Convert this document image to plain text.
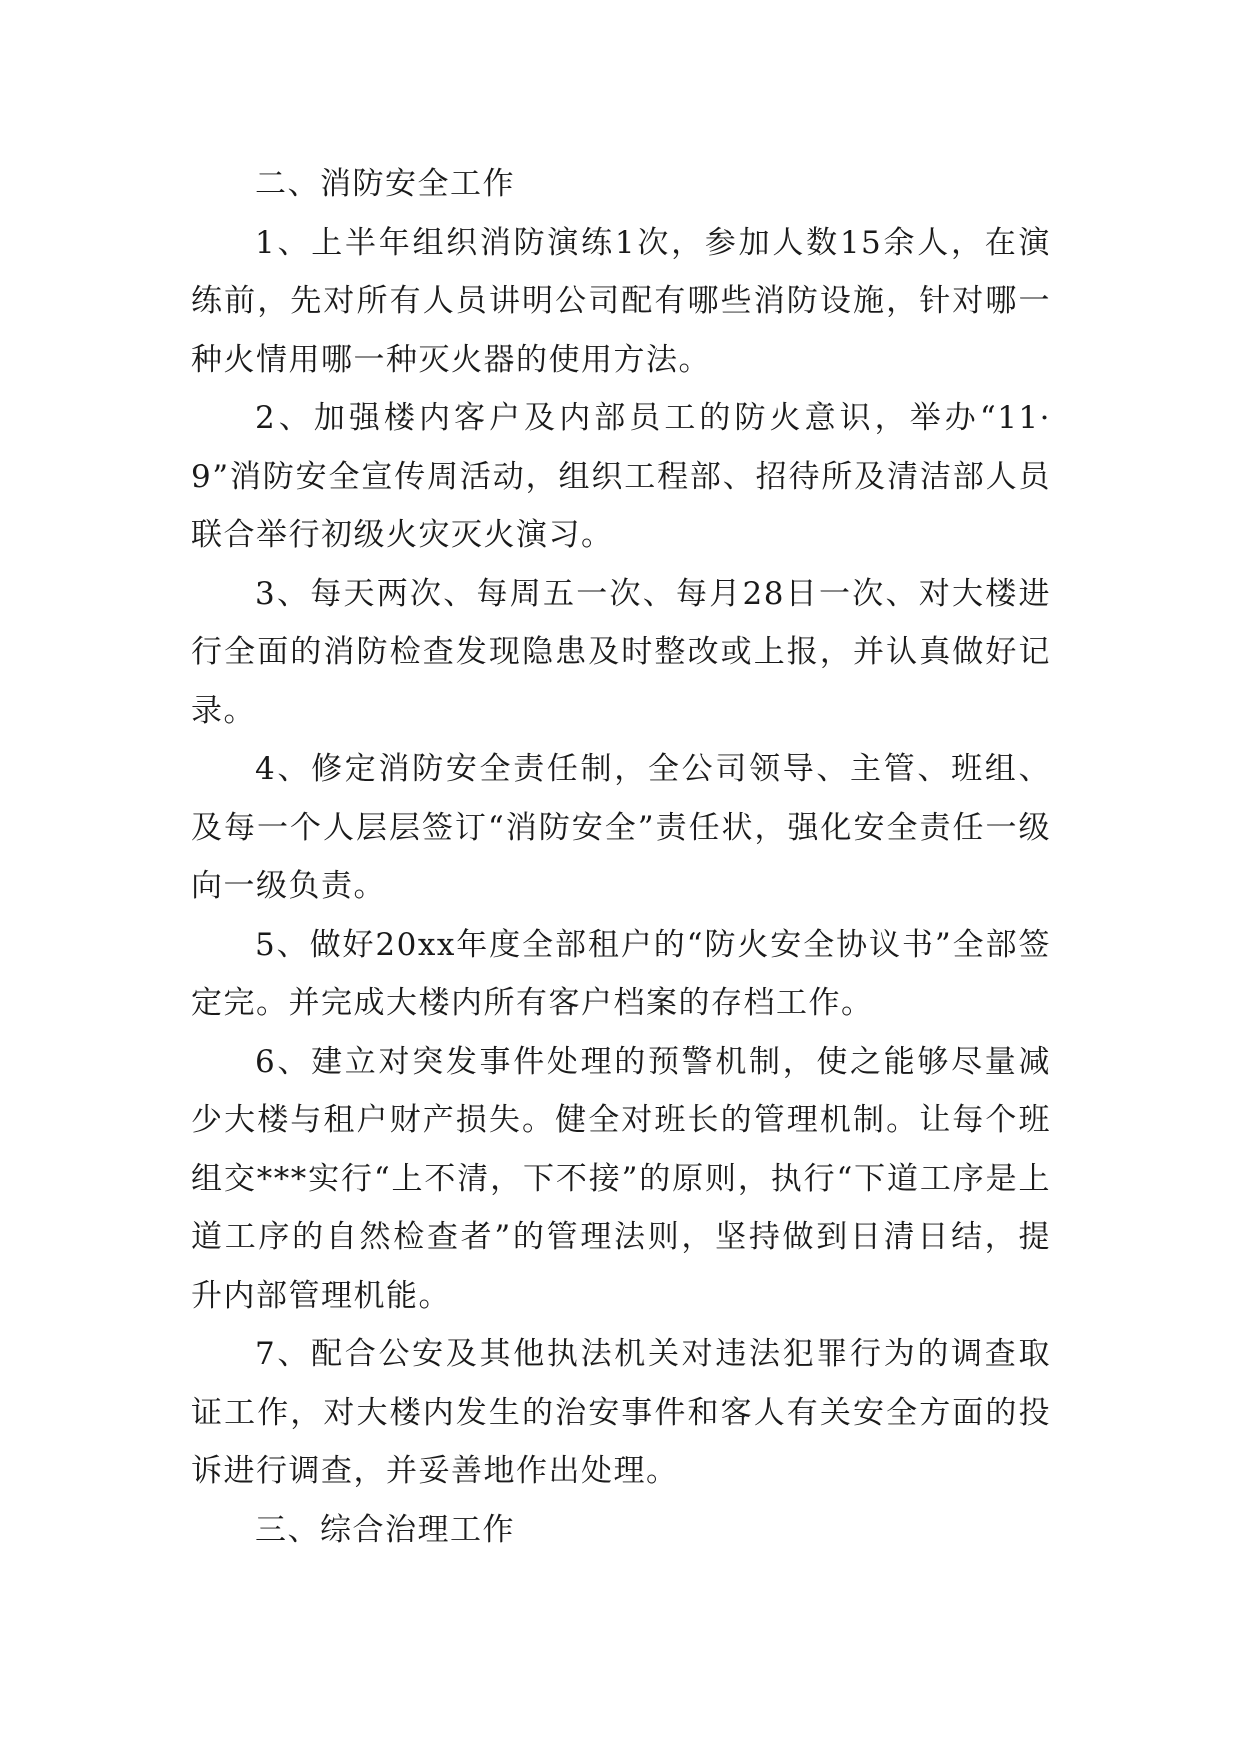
二、消防安全工作

1、上半年组织消防演练1次，参加人数15余人，在演练前，先对所有人员讲明公司配有哪些消防设施，针对哪一种火情用哪一种灭火器的使用方法。

2、加强楼内客户及内部员工的防火意识，举办“11·9”消防安全宣传周活动，组织工程部、招待所及清洁部人员联合举行初级火灾灭火演习。

3、每天两次、每周五一次、每月28日一次、对大楼进行全面的消防检查发现隐患及时整改或上报，并认真做好记录。

4、修定消防安全责任制，全公司领导、主管、班组、及每一个人层层签订“消防安全”责任状，强化安全责任一级向一级负责。

5、做好20xx年度全部租户的“防火安全协议书”全部签定完。并完成大楼内所有客户档案的存档工作。

6、建立对突发事件处理的预警机制，使之能够尽量减少大楼与租户财产损失。健全对班长的管理机制。让每个班组交***实行“上不清，下不接”的原则，执行“下道工序是上道工序的自然检查者”的管理法则，坚持做到日清日结，提升内部管理机能。

7、配合公安及其他执法机关对违法犯罪行为的调查取证工作，对大楼内发生的治安事件和客人有关安全方面的投诉进行调查，并妥善地作出处理。

三、综合治理工作
